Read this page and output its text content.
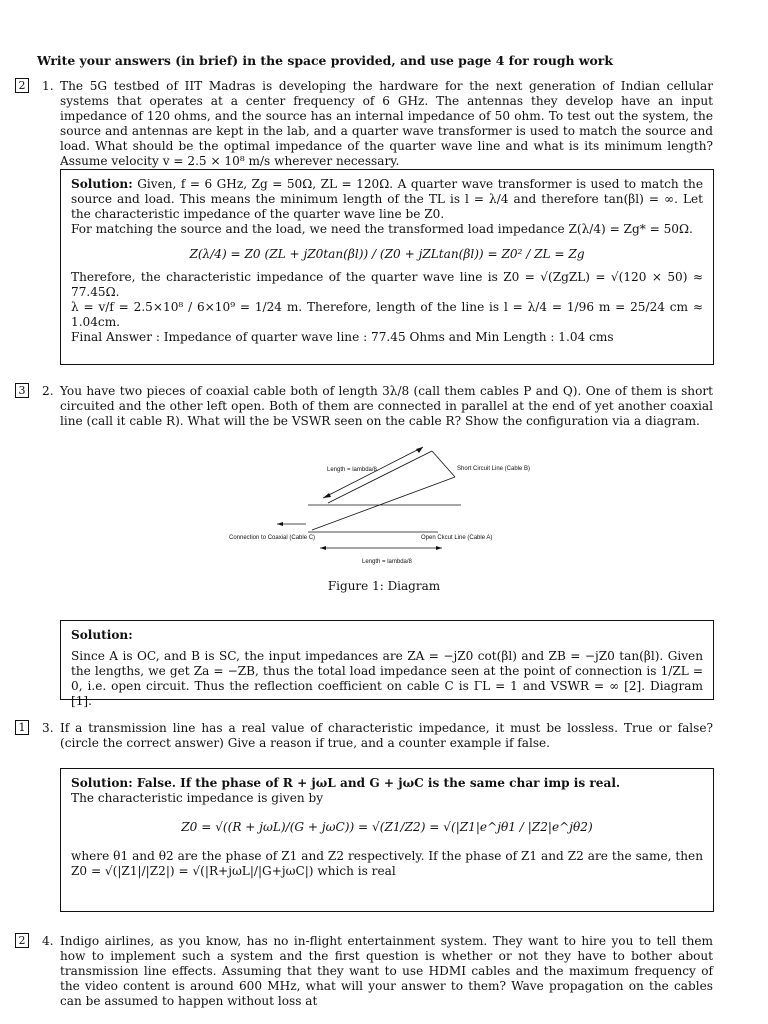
Write your answers (in brief) in the space provided, and use page 4 for rough work
2 1. The 5G testbed of IIT Madras is developing the hardware for the next generation of Indian cellular systems that operates at a center frequency of 6 GHz. The antennas they develop have an input impedance of 120 ohms, and the source has an internal impedance of 50 ohm. To test out the system, the source and antennas are kept in the lab, and a quarter wave transformer is used to match the source and load. What should be the optimal impedance of the quarter wave line and what is its minimum length? Assume velocity v = 2.5 × 10⁸ m/s wherever necessary.

Solution: Given, f = 6 GHz, Zg = 50Ω, ZL = 120Ω. A quarter wave transformer is used to match the source and load. This means the minimum length of the TL is l = λ/4 and therefore tan(βl) = ∞. Let the characteristic impedance of the quarter wave line be Z0.

For matching the source and the load, we need the transformed load impedance Z(λ/4) = Zg* = 50Ω.

Z(λ/4) = Z0 (ZL + jZ0tan(βl)) / (Z0 + jZLtan(βl)) = Z0² / ZL = Zg

Therefore, the characteristic impedance of the quarter wave line is Z0 = √(ZgZL) = √(120 × 50) ≈ 77.45Ω.

λ = v/f = 2.5×10⁸ / 6×10⁹ = 1/24 m. Therefore, length of the line is l = λ/4 = 1/96 m = 25/24 cm ≈ 1.04cm.

Final Answer : Impedance of quarter wave line : 77.45 Ohms and Min Length : 1.04 cms

3 2. You have two pieces of coaxial cable both of length 3λ/8 (call them cables P and Q). One of them is short circuited and the other left open. Both of them are connected in parallel at the end of yet another coaxial line (call it cable R). What will the be VSWR seen on the cable R? Show the configuration via a diagram.
Length = lambda/8	Short Circuit Line (Cable B)
Connection to Coaxial (Cable C)	Open Ckcut Line (Cable A)
Length = lambda/8
Figure 1: Diagram

Solution:

Since A is OC, and B is SC, the input impedances are ZA = −jZ0 cot(βl) and ZB = −jZ0 tan(βl). Given the lengths, we get Za = −ZB, thus the total load impedance seen at the point of connection is 1/ZL = 0, i.e. open circuit. Thus the reflection coefficient on cable C is ΓL = 1 and VSWR = ∞ [2]. Diagram [1].

1 3. If a transmission line has a real value of characteristic impedance, it must be lossless. True or false? (circle the correct answer) Give a reason if true, and a counter example if false.

Solution: False. If the phase of R + jωL and G + jωC is the same char imp is real.

The characteristic impedance is given by

Z0 = √((R + jωL)/(G + jωC)) = √(Z1/Z2) = √(|Z1|e^jθ1 / |Z2|e^jθ2)

where θ1 and θ2 are the phase of Z1 and Z2 respectively. If the phase of Z1 and Z2 are the same, then Z0 = √(|Z1|/|Z2|) = √(|R+jωL|/|G+jωC|) which is real

2 4. Indigo airlines, as you know, has no in-flight entertainment system. They want to hire you to tell them how to implement such a system and the first question is whether or not they have to bother about transmission line effects. Assuming that they want to use HDMI cables and the maximum frequency of the video content is around 600 MHz, what will your answer to them? Wave propagation on the cables can be assumed to happen without loss at
